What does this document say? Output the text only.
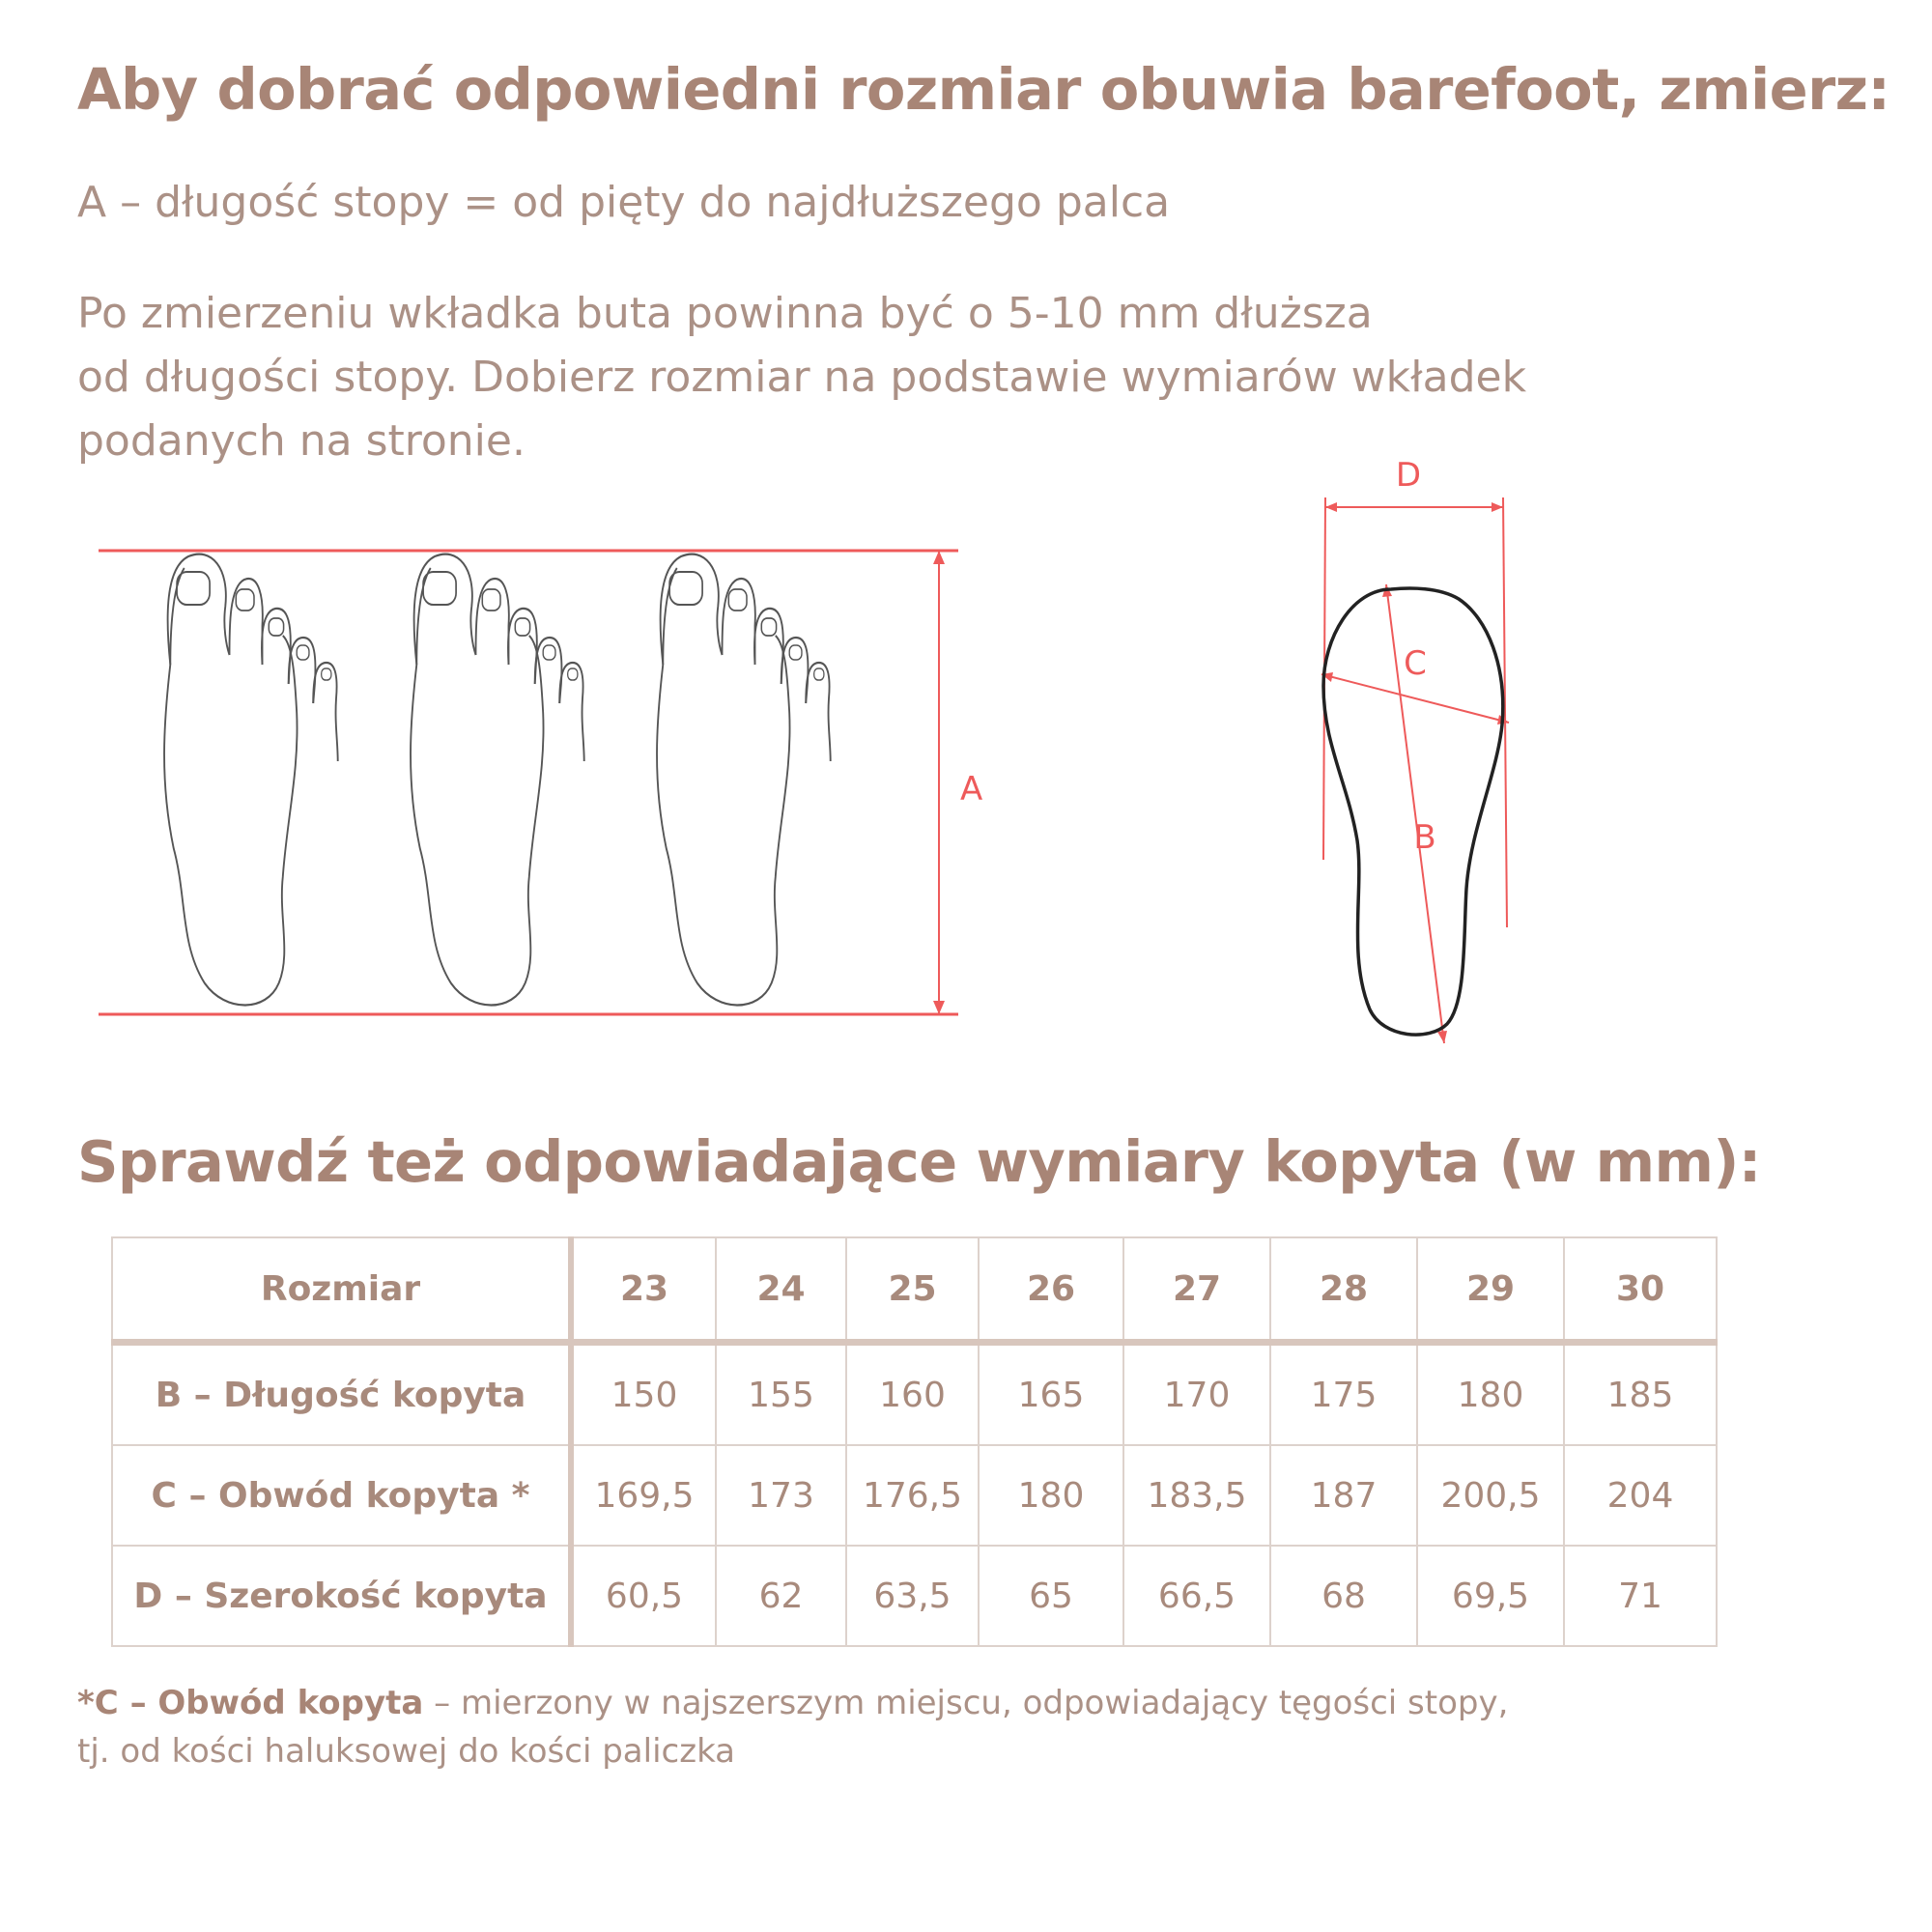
Aby dobrać odpowiedni rozmiar obuwia barefoot, zmierz:

A – długość stopy = od pięty do najdłuższego palca

Po zmierzeniu wkładka buta powinna być o 5-10 mm dłuższa
od długości stopy. Dobierz rozmiar na podstawie wymiarów wkładek
podanych na stronie.

A
D
C
B
Sprawdź też odpowiadające wymiary kopyta (w mm):
Rozmiar	23	24	25	26	27	28	29	30
B – Długość kopyta	150	155	160	165	170	175	180	185
C – Obwód kopyta *	169,5	173	176,5	180	183,5	187	200,5	204
D – Szerokość kopyta	60,5	62	63,5	65	66,5	68	69,5	71

*C – Obwód kopyta – mierzony w najszerszym miejscu, odpowiadający tęgości stopy,
tj. od kości haluksowej do kości paliczka
